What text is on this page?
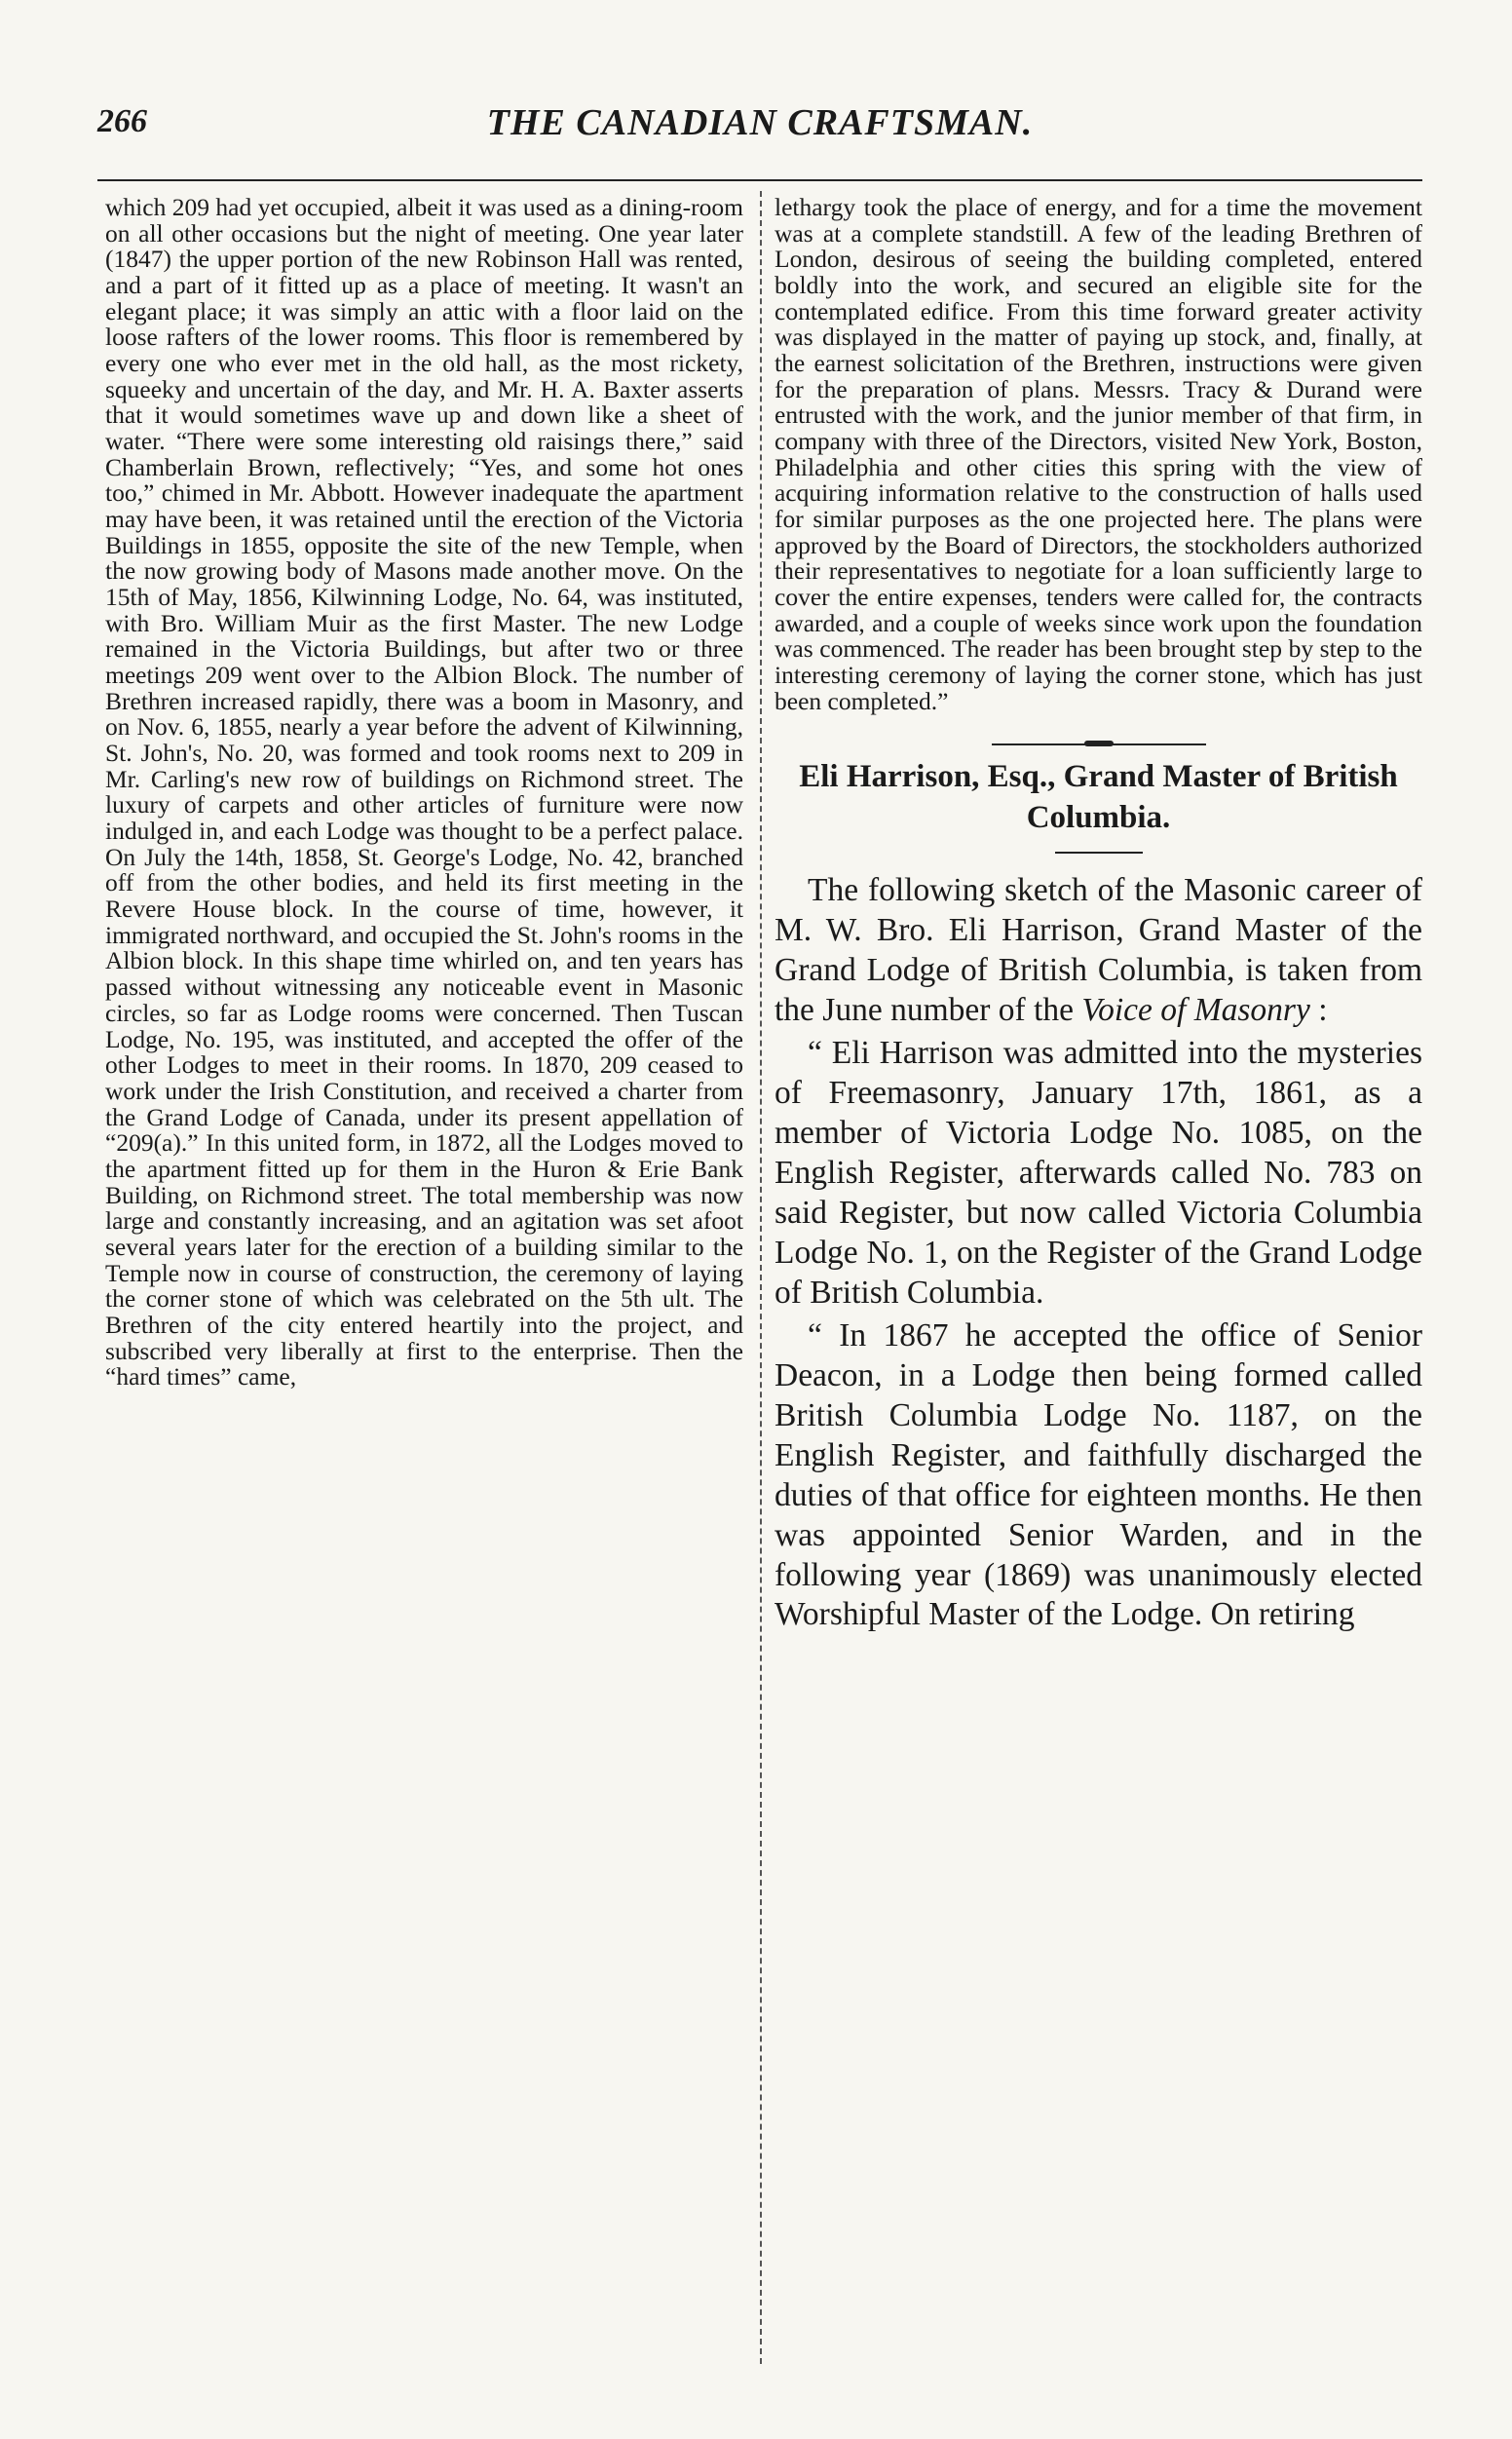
266	THE CANADIAN CRAFTSMAN.

which 209 had yet occupied, albeit it was used as a dining-room on all other occasions but the night of meeting. One year later (1847) the upper portion of the new Robinson Hall was rented, and a part of it fitted up as a place of meeting. It wasn't an elegant place; it was simply an attic with a floor laid on the loose rafters of the lower rooms. This floor is remembered by every one who ever met in the old hall, as the most rickety, squeeky and uncertain of the day, and Mr. H. A. Baxter asserts that it would sometimes wave up and down like a sheet of water. “There were some interesting old raisings there,” said Chamberlain Brown, reflectively; “Yes, and some hot ones too,” chimed in Mr. Abbott. However inadequate the apartment may have been, it was retained until the erection of the Victoria Buildings in 1855, opposite the site of the new Temple, when the now growing body of Masons made another move. On the 15th of May, 1856, Kilwinning Lodge, No. 64, was instituted, with Bro. William Muir as the first Master. The new Lodge remained in the Victoria Buildings, but after two or three meetings 209 went over to the Albion Block. The number of Brethren increased rapidly, there was a boom in Masonry, and on Nov. 6, 1855, nearly a year before the advent of Kilwinning, St. John's, No. 20, was formed and took rooms next to 209 in Mr. Carling's new row of buildings on Richmond street. The luxury of carpets and other articles of furniture were now indulged in, and each Lodge was thought to be a perfect palace. On July the 14th, 1858, St. George's Lodge, No. 42, branched off from the other bodies, and held its first meeting in the Revere House block. In the course of time, however, it immigrated northward, and occupied the St. John's rooms in the Albion block. In this shape time whirled on, and ten years has passed without witnessing any noticeable event in Masonic circles, so far as Lodge rooms were concerned. Then Tuscan Lodge, No. 195, was instituted, and accepted the offer of the other Lodges to meet in their rooms. In 1870, 209 ceased to work under the Irish Constitution, and received a charter from the Grand Lodge of Canada, under its present appellation of “209(a).” In this united form, in 1872, all the Lodges moved to the apartment fitted up for them in the Huron & Erie Bank Building, on Richmond street. The total membership was now large and constantly increasing, and an agitation was set afoot several years later for the erection of a building similar to the Temple now in course of construction, the ceremony of laying the corner stone of which was celebrated on the 5th ult. The Brethren of the city entered heartily into the project, and subscribed very liberally at first to the enterprise. Then the “hard times” came,

lethargy took the place of energy, and for a time the movement was at a complete standstill. A few of the leading Brethren of London, desirous of seeing the building completed, entered boldly into the work, and secured an eligible site for the contemplated edifice. From this time forward greater activity was displayed in the matter of paying up stock, and, finally, at the earnest solicitation of the Brethren, instructions were given for the preparation of plans. Messrs. Tracy & Durand were entrusted with the work, and the junior member of that firm, in company with three of the Directors, visited New York, Boston, Philadelphia and other cities this spring with the view of acquiring information relative to the construction of halls used for similar purposes as the one projected here. The plans were approved by the Board of Directors, the stockholders authorized their representatives to negotiate for a loan sufficiently large to cover the entire expenses, tenders were called for, the contracts awarded, and a couple of weeks since work upon the foundation was commenced. The reader has been brought step by step to the interesting ceremony of laying the corner stone, which has just been completed.”

Eli Harrison, Esq., Grand Master of British Columbia.

The following sketch of the Masonic career of M. W. Bro. Eli Harrison, Grand Master of the Grand Lodge of British Columbia, is taken from the June number of the Voice of Masonry :

“ Eli Harrison was admitted into the mysteries of Freemasonry, January 17th, 1861, as a member of Victoria Lodge No. 1085, on the English Register, afterwards called No. 783 on said Register, but now called Victoria Columbia Lodge No. 1, on the Register of the Grand Lodge of British Columbia.

“ In 1867 he accepted the office of Senior Deacon, in a Lodge then being formed called British Columbia Lodge No. 1187, on the English Register, and faithfully discharged the duties of that office for eighteen months. He then was appointed Senior Warden, and in the following year (1869) was unanimously elected Worshipful Master of the Lodge. On retiring
